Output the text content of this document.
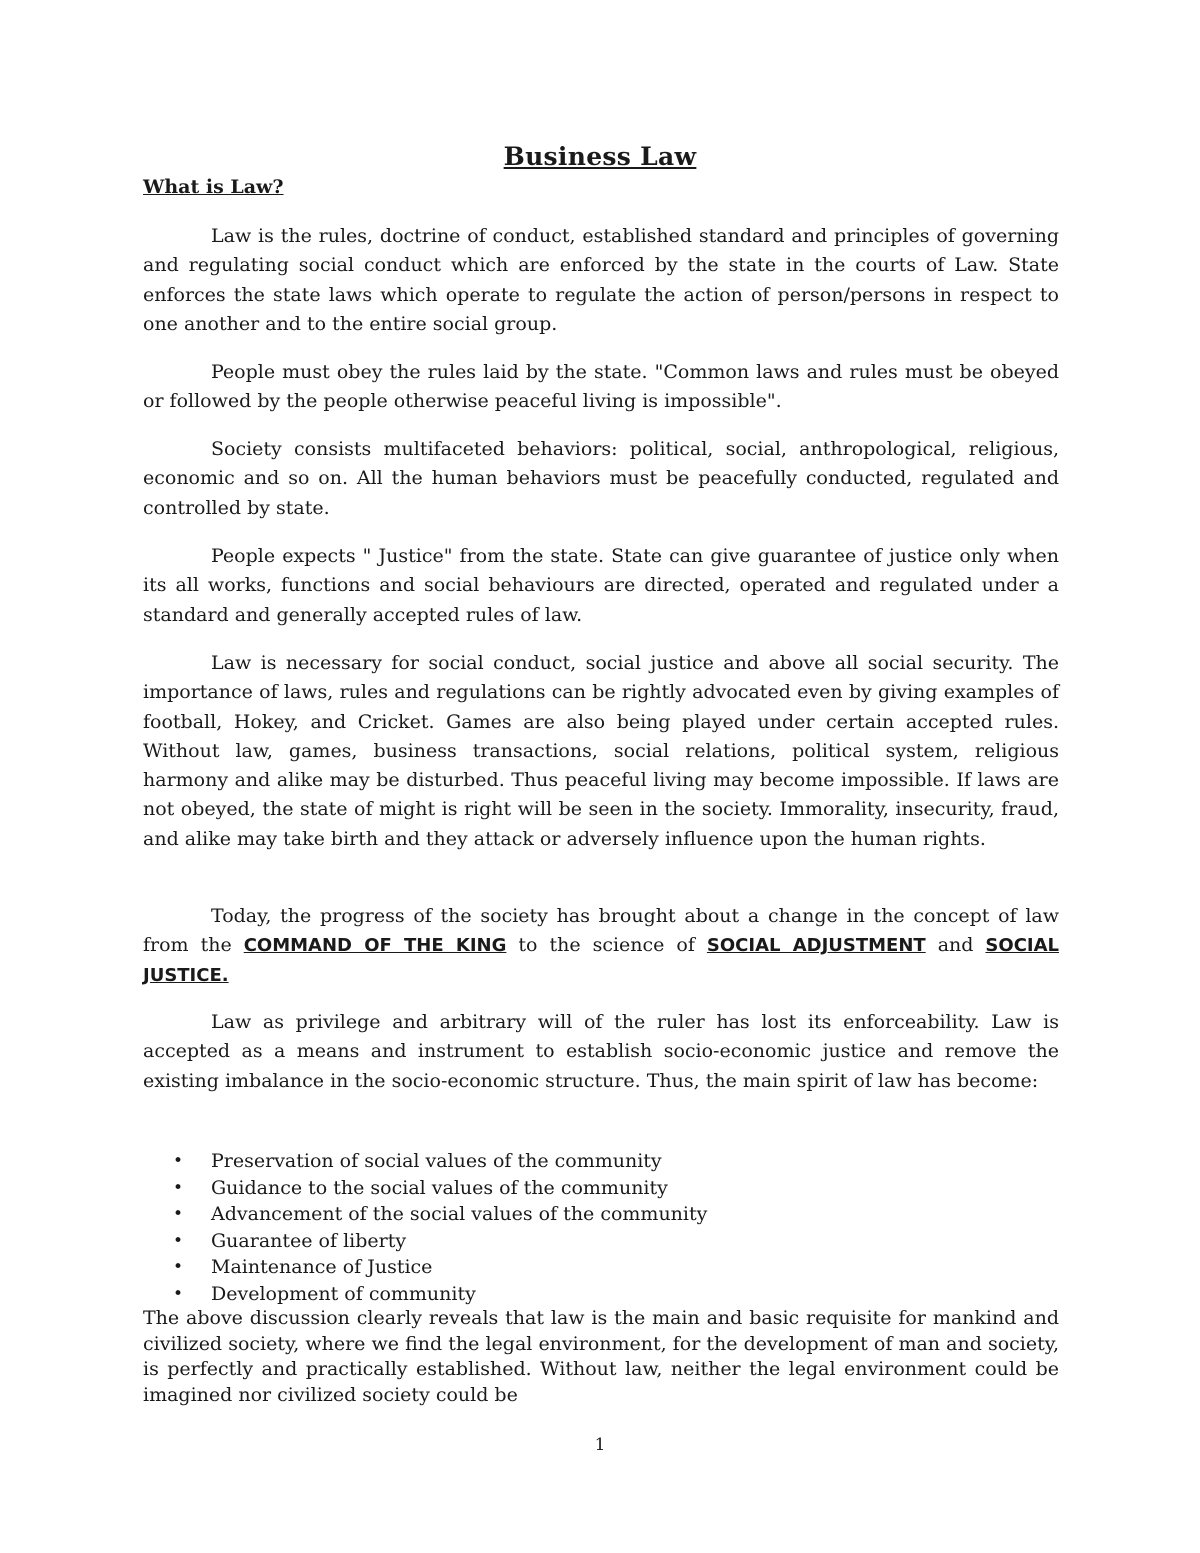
Business Law
What is Law?

Law is the rules, doctrine of conduct, established standard and principles of governing and regulating social conduct which are enforced by the state in the courts of Law. State enforces the state laws which operate to regulate the action of person/persons in respect to one another and to the entire social group.

People must obey the rules laid by the state. "Common laws and rules must be obeyed or followed by the people otherwise peaceful living is impossible".

Society consists multifaceted behaviors: political, social, anthropological, religious, economic and so on. All the human behaviors must be peacefully conducted, regulated and controlled by state.

People expects " Justice" from the state. State can give guarantee of justice only when its all works, functions and social behaviours are directed, operated and regulated under a standard and generally accepted rules of law.

Law is necessary for social conduct, social justice and above all social security. The importance of laws, rules and regulations can be rightly advocated even by giving examples of football, Hokey, and Cricket. Games are also being played under certain accepted rules. Without law, games, business transactions, social relations, political system, religious harmony and alike may be disturbed. Thus peaceful living may become impossible. If laws are not obeyed, the state of might is right will be seen in the society. Immorality, insecurity, fraud, and alike may take birth and they attack or adversely influence upon the human rights.

Today, the progress of the society has brought about a change in the concept of law from the COMMAND OF THE KING to the science of SOCIAL ADJUSTMENT and SOCIAL JUSTICE.

Law as privilege and arbitrary will of the ruler has lost its enforceability. Law is accepted as a means and instrument to establish socio-economic justice and remove the existing imbalance in the socio-economic structure. Thus, the main spirit of law has become:

• Preservation of social values of the community
• Guidance to the social values of the community
• Advancement of the social values of the community
• Guarantee of liberty
• Maintenance of Justice
• Development of community

The above discussion clearly reveals that law is the main and basic requisite for mankind and civilized society, where we find the legal environment, for the development of man and society, is perfectly and practically established. Without law, neither the legal environment could be imagined nor civilized society could be

1
